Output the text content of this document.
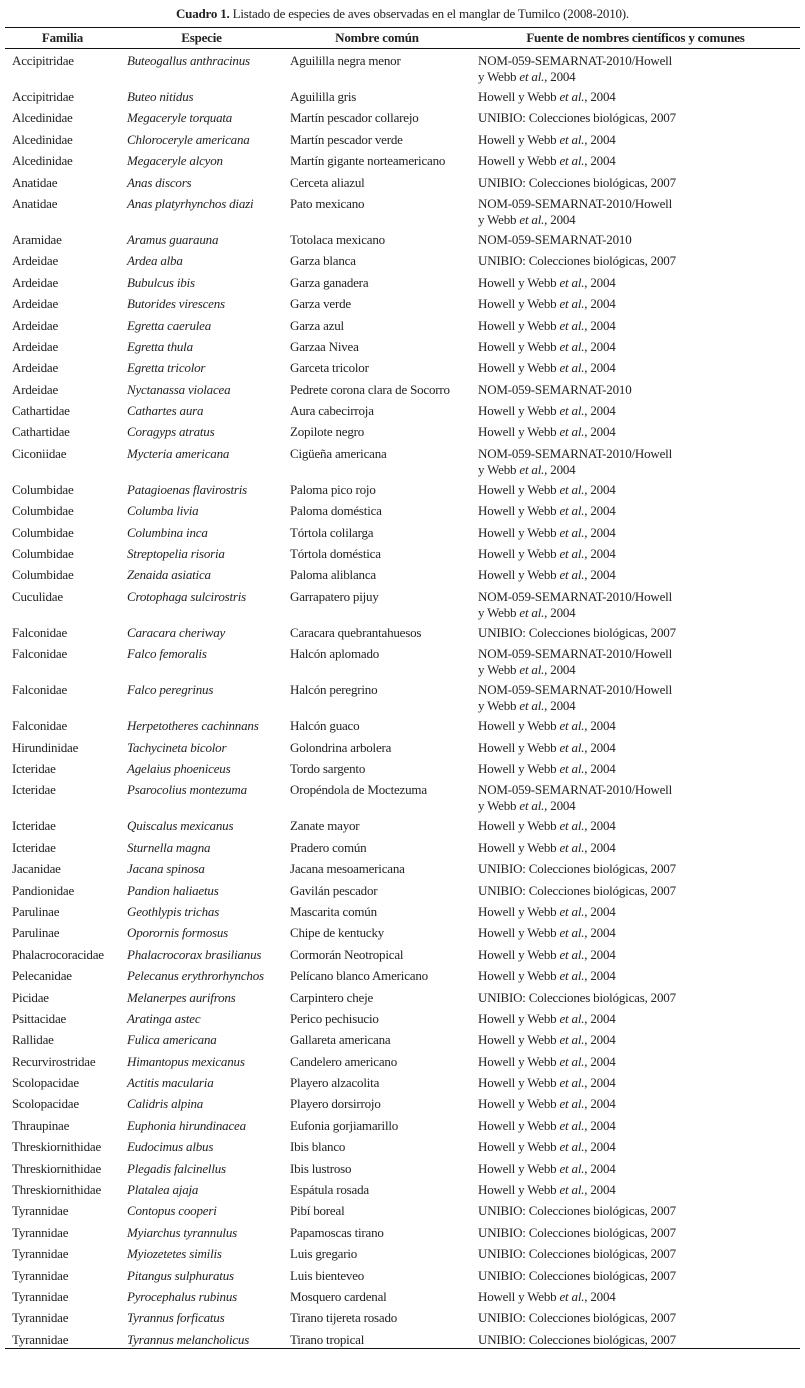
Cuadro 1. Listado de especies de aves observadas en el manglar de Tumilco (2008-2010).
Familia	Especie	Nombre común	Fuente de nombres científicos y comunes
Accipitridae	Buteogallus anthracinus	Aguililla negra menor	NOM-059-SEMARNAT-2010/Howell
y Webb et al., 2004
Accipitridae	Buteo nitidus	Aguililla gris	Howell y Webb et al., 2004
Alcedinidae	Megaceryle torquata	Martín pescador collarejo	UNIBIO: Colecciones biológicas, 2007
Alcedinidae	Chloroceryle americana	Martín pescador verde	Howell y Webb et al., 2004
Alcedinidae	Megaceryle alcyon	Martín gigante norteamericano	Howell y Webb et al., 2004
Anatidae	Anas discors	Cerceta aliazul	UNIBIO: Colecciones biológicas, 2007
Anatidae	Anas platyrhynchos diazi	Pato mexicano	NOM-059-SEMARNAT-2010/Howell
y Webb et al., 2004
Aramidae	Aramus guarauna	Totolaca mexicano	NOM-059-SEMARNAT-2010
Ardeidae	Ardea alba	Garza blanca	UNIBIO: Colecciones biológicas, 2007
Ardeidae	Bubulcus ibis	Garza ganadera	Howell y Webb et al., 2004
Ardeidae	Butorides virescens	Garza verde	Howell y Webb et al., 2004
Ardeidae	Egretta caerulea	Garza azul	Howell y Webb et al., 2004
Ardeidae	Egretta thula	Garzaa Nivea	Howell y Webb et al., 2004
Ardeidae	Egretta tricolor	Garceta tricolor	Howell y Webb et al., 2004
Ardeidae	Nyctanassa violacea	Pedrete corona clara de Socorro	NOM-059-SEMARNAT-2010
Cathartidae	Cathartes aura	Aura cabecirroja	Howell y Webb et al., 2004
Cathartidae	Coragyps atratus	Zopilote negro	Howell y Webb et al., 2004
Ciconiidae	Mycteria americana	Cigüeña americana	NOM-059-SEMARNAT-2010/Howell
y Webb et al., 2004
Columbidae	Patagioenas flavirostris	Paloma pico rojo	Howell y Webb et al., 2004
Columbidae	Columba livia	Paloma doméstica	Howell y Webb et al., 2004
Columbidae	Columbina inca	Tórtola colilarga	Howell y Webb et al., 2004
Columbidae	Streptopelia risoria	Tórtola doméstica	Howell y Webb et al., 2004
Columbidae	Zenaida asiatica	Paloma aliblanca	Howell y Webb et al., 2004
Cuculidae	Crotophaga sulcirostris	Garrapatero pijuy	NOM-059-SEMARNAT-2010/Howell
y Webb et al., 2004
Falconidae	Caracara cheriway	Caracara quebrantahuesos	UNIBIO: Colecciones biológicas, 2007
Falconidae	Falco femoralis	Halcón aplomado	NOM-059-SEMARNAT-2010/Howell
y Webb et al., 2004
Falconidae	Falco peregrinus	Halcón peregrino	NOM-059-SEMARNAT-2010/Howell
y Webb et al., 2004
Falconidae	Herpetotheres cachinnans	Halcón guaco	Howell y Webb et al., 2004
Hirundinidae	Tachycineta bicolor	Golondrina arbolera	Howell y Webb et al., 2004
Icteridae	Agelaius phoeniceus	Tordo sargento	Howell y Webb et al., 2004
Icteridae	Psarocolius montezuma	Oropéndola de Moctezuma	NOM-059-SEMARNAT-2010/Howell
y Webb et al., 2004
Icteridae	Quiscalus mexicanus	Zanate mayor	Howell y Webb et al., 2004
Icteridae	Sturnella magna	Pradero común	Howell y Webb et al., 2004
Jacanidae	Jacana spinosa	Jacana mesoamericana	UNIBIO: Colecciones biológicas, 2007
Pandionidae	Pandion haliaetus	Gavilán pescador	UNIBIO: Colecciones biológicas, 2007
Parulinae	Geothlypis trichas	Mascarita común	Howell y Webb et al., 2004
Parulinae	Oporornis formosus	Chipe de kentucky	Howell y Webb et al., 2004
Phalacrocoracidae	Phalacrocorax brasilianus	Cormorán Neotropical	Howell y Webb et al., 2004
Pelecanidae	Pelecanus erythrorhynchos	Pelícano blanco Americano	Howell y Webb et al., 2004
Picidae	Melanerpes aurifrons	Carpintero cheje	UNIBIO: Colecciones biológicas, 2007
Psittacidae	Aratinga astec	Perico pechisucio	Howell y Webb et al., 2004
Rallidae	Fulica americana	Gallareta americana	Howell y Webb et al., 2004
Recurvirostridae	Himantopus mexicanus	Candelero americano	Howell y Webb et al., 2004
Scolopacidae	Actitis macularia	Playero alzacolita	Howell y Webb et al., 2004
Scolopacidae	Calidris alpina	Playero dorsirrojo	Howell y Webb et al., 2004
Thraupinae	Euphonia hirundinacea	Eufonia gorjiamarillo	Howell y Webb et al., 2004
Threskiornithidae	Eudocimus albus	Ibis blanco	Howell y Webb et al., 2004
Threskiornithidae	Plegadis falcinellus	Ibis lustroso	Howell y Webb et al., 2004
Threskiornithidae	Platalea ajaja	Espátula rosada	Howell y Webb et al., 2004
Tyrannidae	Contopus cooperi	Pibí boreal	UNIBIO: Colecciones biológicas, 2007
Tyrannidae	Myiarchus tyrannulus	Papamoscas tirano	UNIBIO: Colecciones biológicas, 2007
Tyrannidae	Myiozetetes similis	Luis gregario	UNIBIO: Colecciones biológicas, 2007
Tyrannidae	Pitangus sulphuratus	Luis bienteveo	UNIBIO: Colecciones biológicas, 2007
Tyrannidae	Pyrocephalus rubinus	Mosquero cardenal	Howell y Webb et al., 2004
Tyrannidae	Tyrannus forficatus	Tirano tijereta rosado	UNIBIO: Colecciones biológicas, 2007
Tyrannidae	Tyrannus melancholicus	Tirano tropical	UNIBIO: Colecciones biológicas, 2007
